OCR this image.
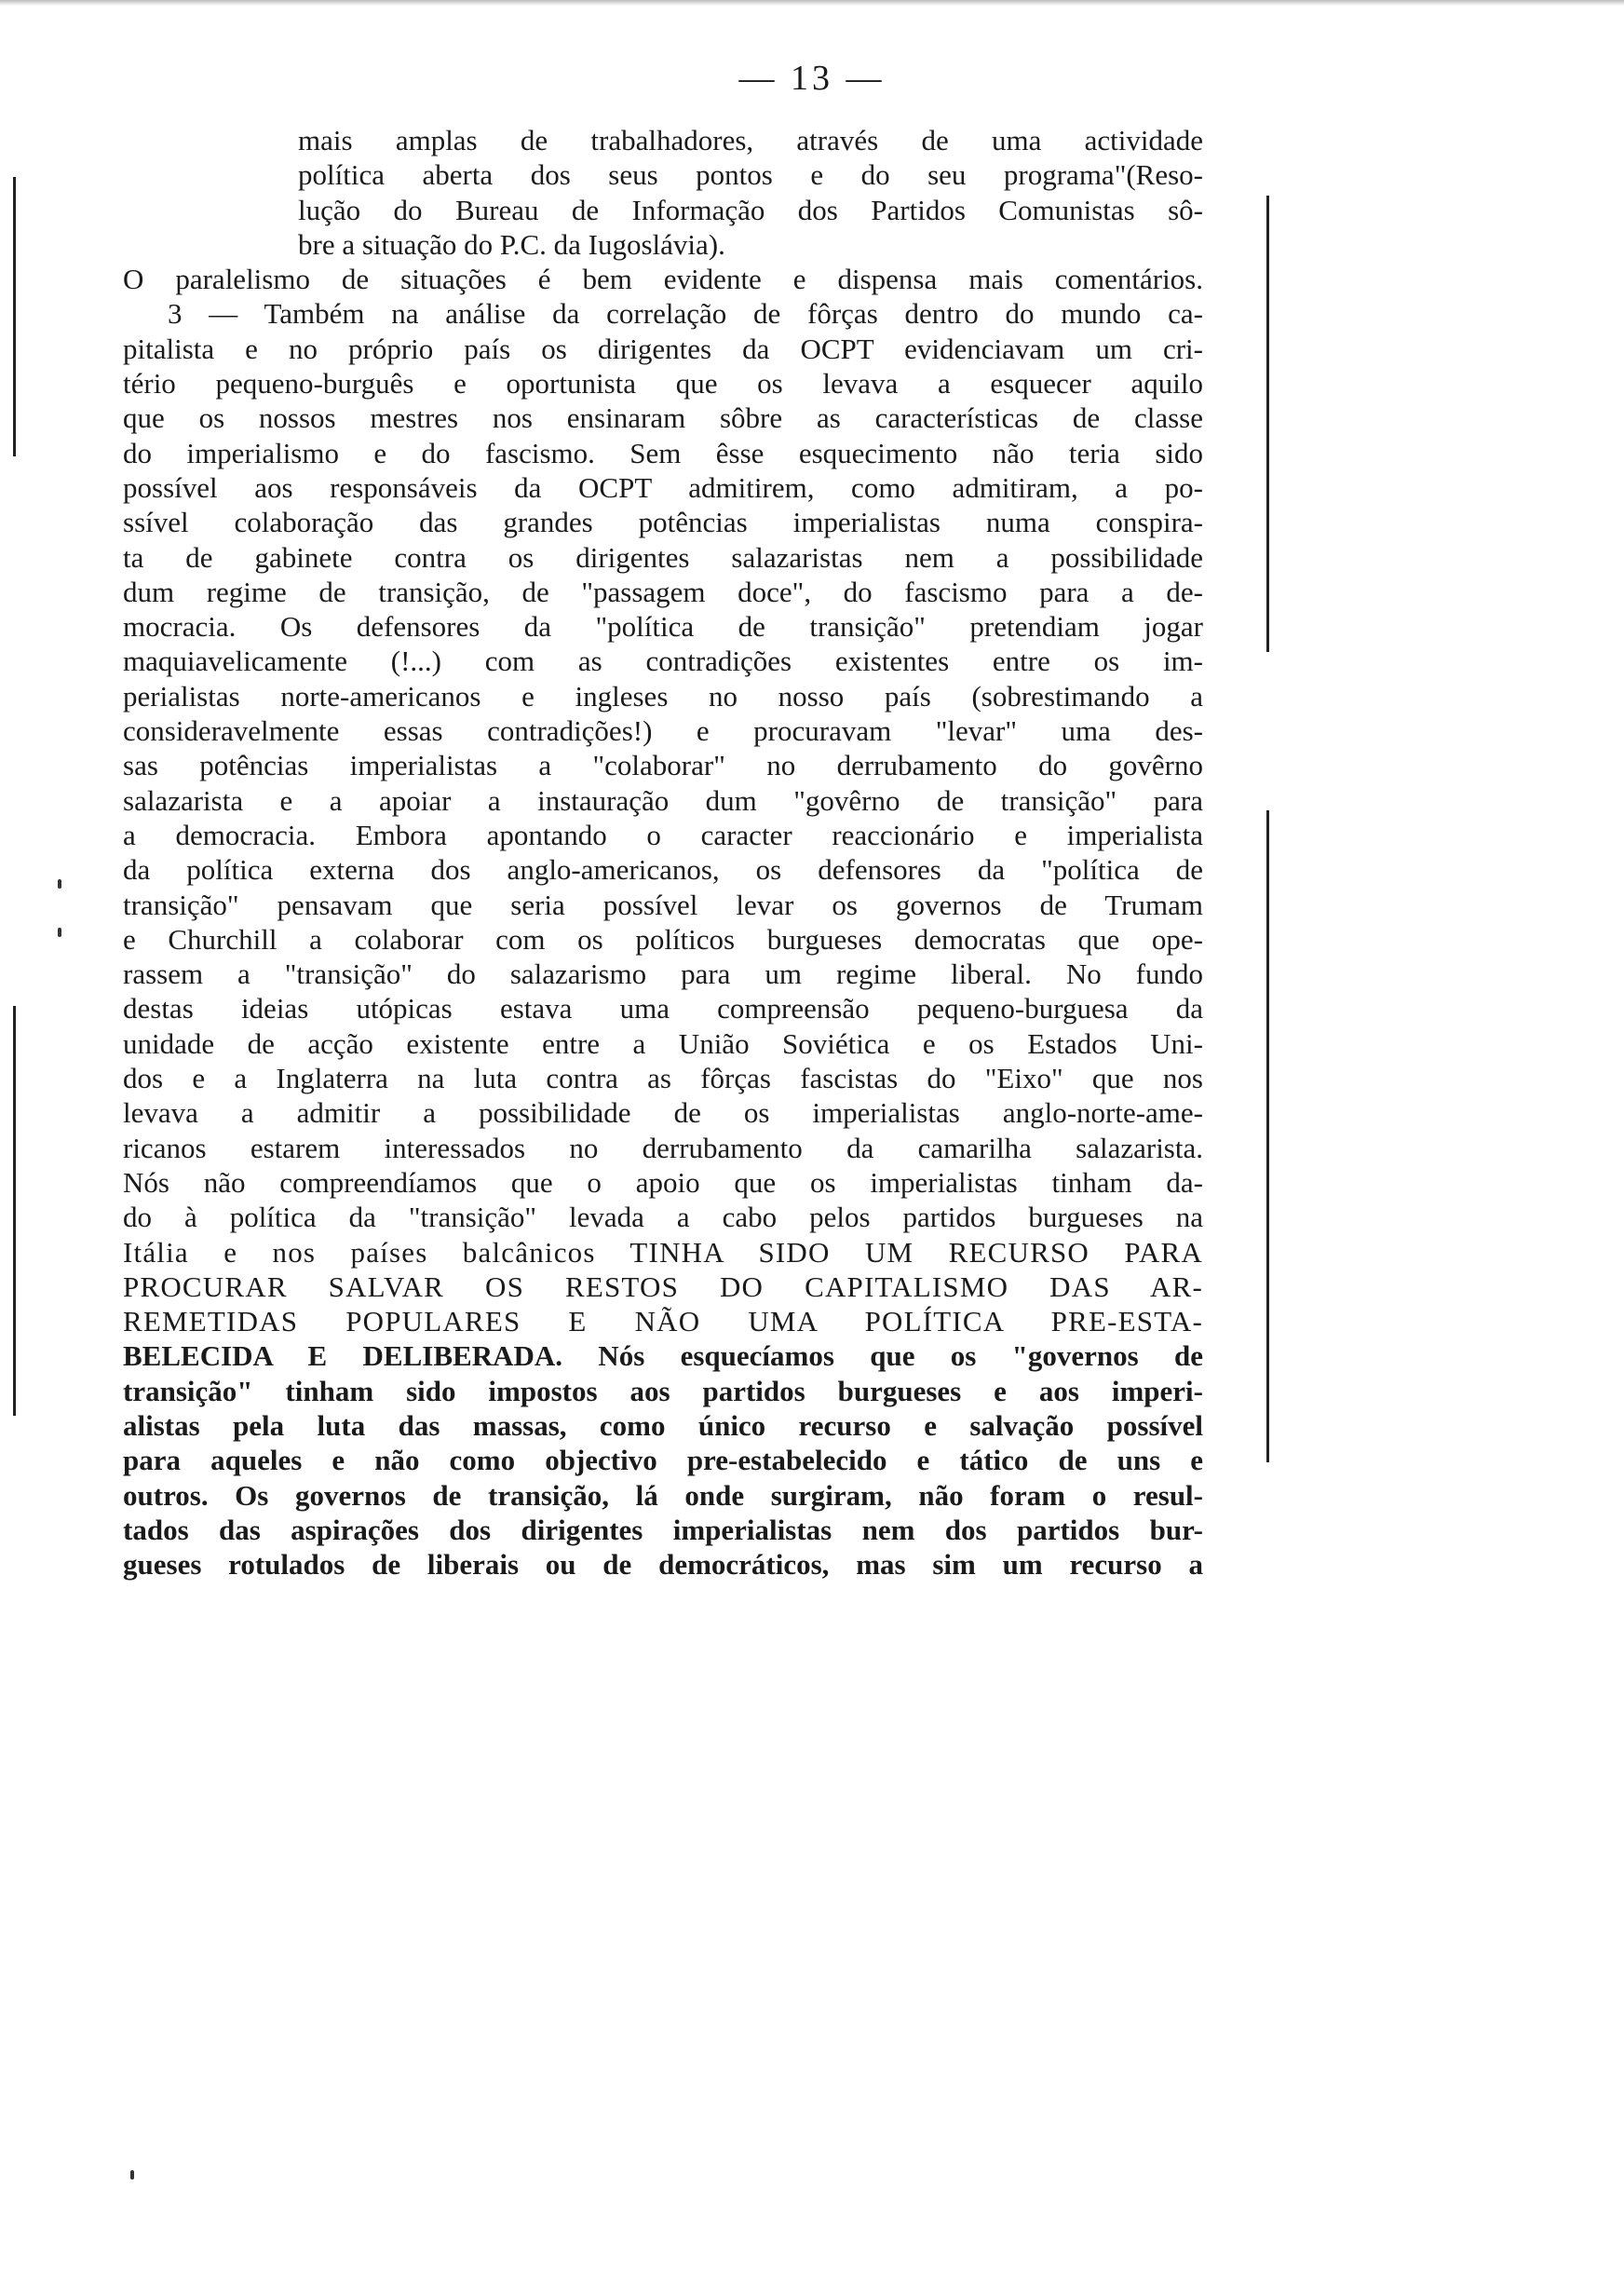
— 13 —
mais amplas de trabalhadores, através de uma actividade
política aberta dos seus pontos e do seu programa"(Reso-
lução do Bureau de Informação dos Partidos Comunistas sô-
bre a situação do P.C. da Iugoslávia).
O paralelismo de situações é bem evidente e dispensa mais comentários.
3 — Também na análise da correlação de fôrças dentro do mundo ca-
pitalista e no próprio país os dirigentes da OCPT evidenciavam um cri-
tério pequeno-burguês e oportunista que os levava a esquecer aquilo
que os nossos mestres nos ensinaram sôbre as características de classe
do imperialismo e do fascismo. Sem êsse esquecimento não teria sido
possível aos responsáveis da OCPT admitirem, como admitiram, a po-
ssível colaboração das grandes potências imperialistas numa conspira-
ta de gabinete contra os dirigentes salazaristas nem a possibilidade
dum regime de transição, de "passagem doce", do fascismo para a de-
mocracia. Os defensores da "política de transição" pretendiam jogar
maquiavelicamente (!...) com as contradições existentes entre os im-
perialistas norte-americanos e ingleses no nosso país (sobrestimando a
consideravelmente essas contradições!) e procuravam "levar" uma des-
sas potências imperialistas a "colaborar" no derrubamento do govêrno
salazarista e a apoiar a instauração dum "govêrno de transição" para
a democracia. Embora apontando o caracter reaccionário e imperialista
da política externa dos anglo-americanos, os defensores da "política de
transição" pensavam que seria possível levar os governos de Trumam
e Churchill a colaborar com os políticos burgueses democratas que ope-
rassem a "transição" do salazarismo para um regime liberal. No fundo
destas ideias utópicas estava uma compreensão pequeno-burguesa da
unidade de acção existente entre a União Soviética e os Estados Uni-
dos e a Inglaterra na luta contra as fôrças fascistas do "Eixo" que nos
levava a admitir a possibilidade de os imperialistas anglo-norte-ame-
ricanos estarem interessados no derrubamento da camarilha salazarista.
Nós não compreendíamos que o apoio que os imperialistas tinham da-
do à política da "transição" levada a cabo pelos partidos burgueses na
Itália e nos países balcânicos TINHA SIDO UM RECURSO PARA
PROCURAR SALVAR OS RESTOS DO CAPITALISMO DAS AR-
REMETIDAS POPULARES E NÃO UMA POLÍTICA PRE-ESTA-
BELECIDA E DELIBERADA. Nós esquecíamos que os "governos de
transição" tinham sido impostos aos partidos burgueses e aos imperi-
alistas pela luta das massas, como único recurso e salvação possível
para aqueles e não como objectivo pre-estabelecido e tático de uns e
outros. Os governos de transição, lá onde surgiram, não foram o resul-
tados das aspirações dos dirigentes imperialistas nem dos partidos bur-
gueses rotulados de liberais ou de democráticos, mas sim um recurso a
